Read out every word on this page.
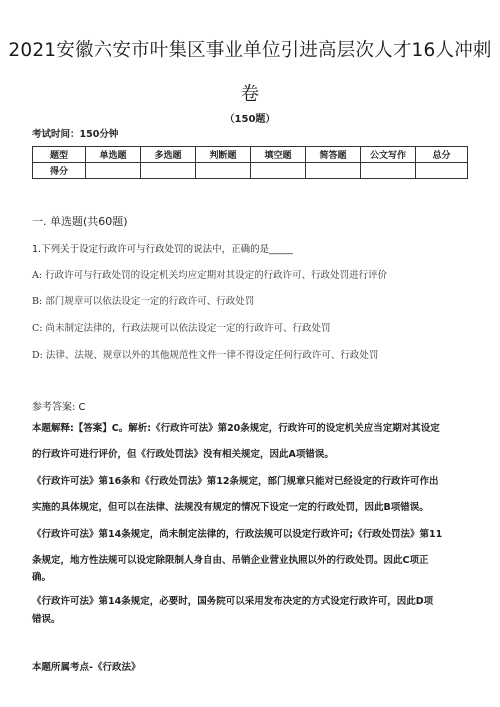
2021安徽六安市叶集区事业单位引进高层次人才16人冲刺
卷
（150题）
考试时间：150分钟
题型	单选题	多选题	判断题	填空题	简答题	公文写作	总分
得分							
一. 单选题(共60题)
1.下列关于设定行政许可与行政处罚的说法中，正确的是_____
A: 行政许可与行政处罚的设定机关均应定期对其设定的行政许可、行政处罚进行评价
B: 部门规章可以依法设定一定的行政许可、行政处罚
C: 尚未制定法律的，行政法规可以依法设定一定的行政许可、行政处罚
D: 法律、法规、规章以外的其他规范性文件一律不得设定任何行政许可、行政处罚
参考答案: C
本题解释:【答案】C。解析:《行政许可法》第20条规定，行政许可的设定机关应当定期对其设定
的行政许可进行评价，但《行政处罚法》没有相关规定，因此A项错误。
《行政许可法》第16条和《行政处罚法》第12条规定，部门规章只能对已经设定的行政许可作出
实施的具体规定，但可以在法律、法规没有规定的情况下设定一定的行政处罚，因此B项错误。
《行政许可法》第14条规定，尚未制定法律的，行政法规可以设定行政许可;《行政处罚法》第11
条规定，地方性法规可以设定除限制人身自由、吊销企业营业执照以外的行政处罚。因此C项正
确。
《行政许可法》第14条规定，必要时，国务院可以采用发布决定的方式设定行政许可，因此D项
错误。
本题所属考点-《行政法》
